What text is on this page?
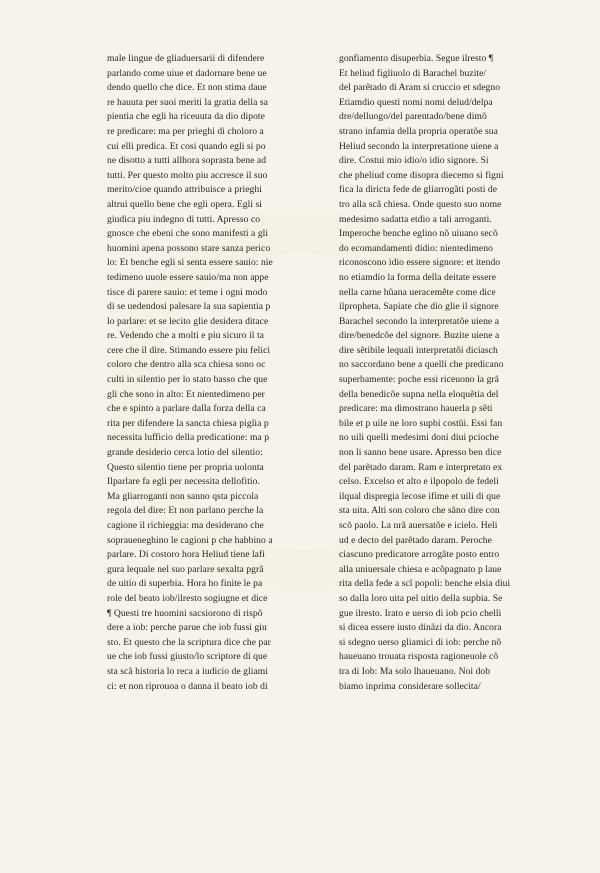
male lingue de gliaduersarii di difendere
parlando come uiue et dadornare bene ue
dendo quello che dice. Et non stima daue
re hauuta per suoi meriti la gratia della sa
pientia che egli ha riceuuta da dio dipote
re predicare: ma per prieghi di choloro a
cui elli predica. Et cosi quando egli si po
ne disotto a tutti allhora soprasta bene ad
tutti. Per questo molto piu accresce il suo
merito/cioe quando attribuisce a prieghi
altrui quello bene che egli opera. Egli si
giudica piu indegno di tutti. Apresso co
gnosce che ebeni che sono manifesti a gli
huomini apena possono stare sanza perico
lo: Et benche egli si senta essere sauio: nie
tedimeno uuole essere sauio/ma non appe
tisce di parere sauio: et teme i ogni modo
di se uedendosi palesare la sua sapientia p
lo parlare: et se lecito glie desidera ditace
re. Vedendo che a molti e piu sicuro il ta
cere che il dire. Stimando essere piu felici
coloro che dentro alla sca chiesa sono oc
culti in silentio per lo stato basso che que
gli che sono in alto: Et nientedimeno per
che e spinto a parlare dalla forza della ca
rita per difendere la sancta chiesa piglia p
necessita lufficio della predicatione: ma p
grande desiderio cerca lotio del silentio:
Questo silentio tiene per propria uolonta
Ilparlare fa egli per necessita dellofitio.
Ma gliarroganti non sanno qsta piccola
regola del dire: Et non parlano perche la
cagione il richieggia: ma desiderano che
sopraueneghino le cagioni p che habbino a
parlare. Di costoro hora Heliud tiene lafi
gura lequale nel suo parlare sexalta pgrã
de uitio di superbia. Hora ho finite le pa
role del beato iob/ilresto sogiugne et dice
¶ Questi tre huomini sacsiorono di rispõ
dere a iob: perche parue che iob fussi giu
sto. Et questo che la scriptura dice che par
ue che iob fussi giusto/lo scriptore di que
sta scã historia lo reca a iudicio de gliami
ci: et non riprouoa o danna il beato iob di
gonfiamento disuperbia. Segue ilresto ¶
Et heliud figliuolo di Barachel buzite/
del parẽtado di Aram si cruccio et sdegno
Etiamdio questi nomi nomi delud/delpa
dre/delluogo/del parentado/bene dimõ
strano infamia della propria operatõe sua
Heliud secondo la interpretatione uiene a
dire. Costui mio idio/o idio signore. Si
che pheliud come disopra diecemo si figni
fica la diricta fede de gliarrogãti posti de
tro alla scã chiesa. Onde questo suo nome
medesimo sadatta etdio a tali arroganti.
Imperoche benche eglino nõ uiuano secõ
do ecomandamenti didio: nientedimeno
riconoscono idio essere signore: et itendo
no etiamdio la forma della deitate essere
nella carne hũana ueracemẽte come dice
ilpropheta. Sapiate che dio glie il signore
Barachel secondo la interpretatõe uiene a
dire/benedcõe del signore. Buzite uiene a
dire sẽtibile lequali interpretatõi diciasch
no saccordano bene a quelli che predicano
superbamente: poche essi riceuono la grã
della benedicõe supna nella eloquẽtia del
predicare: ma dimostrano hauerla p sẽti
bile et p uile ne loro supbi costũi. Essi fan
no uili quelli medesimi doni diui pcioche
non li sanno bene usare. Apresso ben dice
del parẽtado daram. Ram e interpretato ex
celso. Excelso et alto e ilpopolo de fedeli
ilqual dispregia lecose ifime et uili di que
sta uita. Alti son coloro che sãno dire con
scõ paolo. La nrã auersatõe e icielo. Heli
ud e decto del parẽtado daram. Peroche
ciascuno predicatore arrogãte posto entro
alla uniuersale chiesa e acõpagnato p laue
rita della fede a scĩ popoli: benche elsia diui
so dalla loro uita pel uitio della supbia. Se
gue ilresto. Irato e uerso di iob pcio chelli
si dicea essere iusto dinãzi da dio. Ancora
si sdegno uerso gliamici di iob: perche nõ
haueuano trouata risposta ragioneuole cõ
tra di Iob: Ma solo lhaueuano. Noi dob
biamo inprima considerare sollecita/
